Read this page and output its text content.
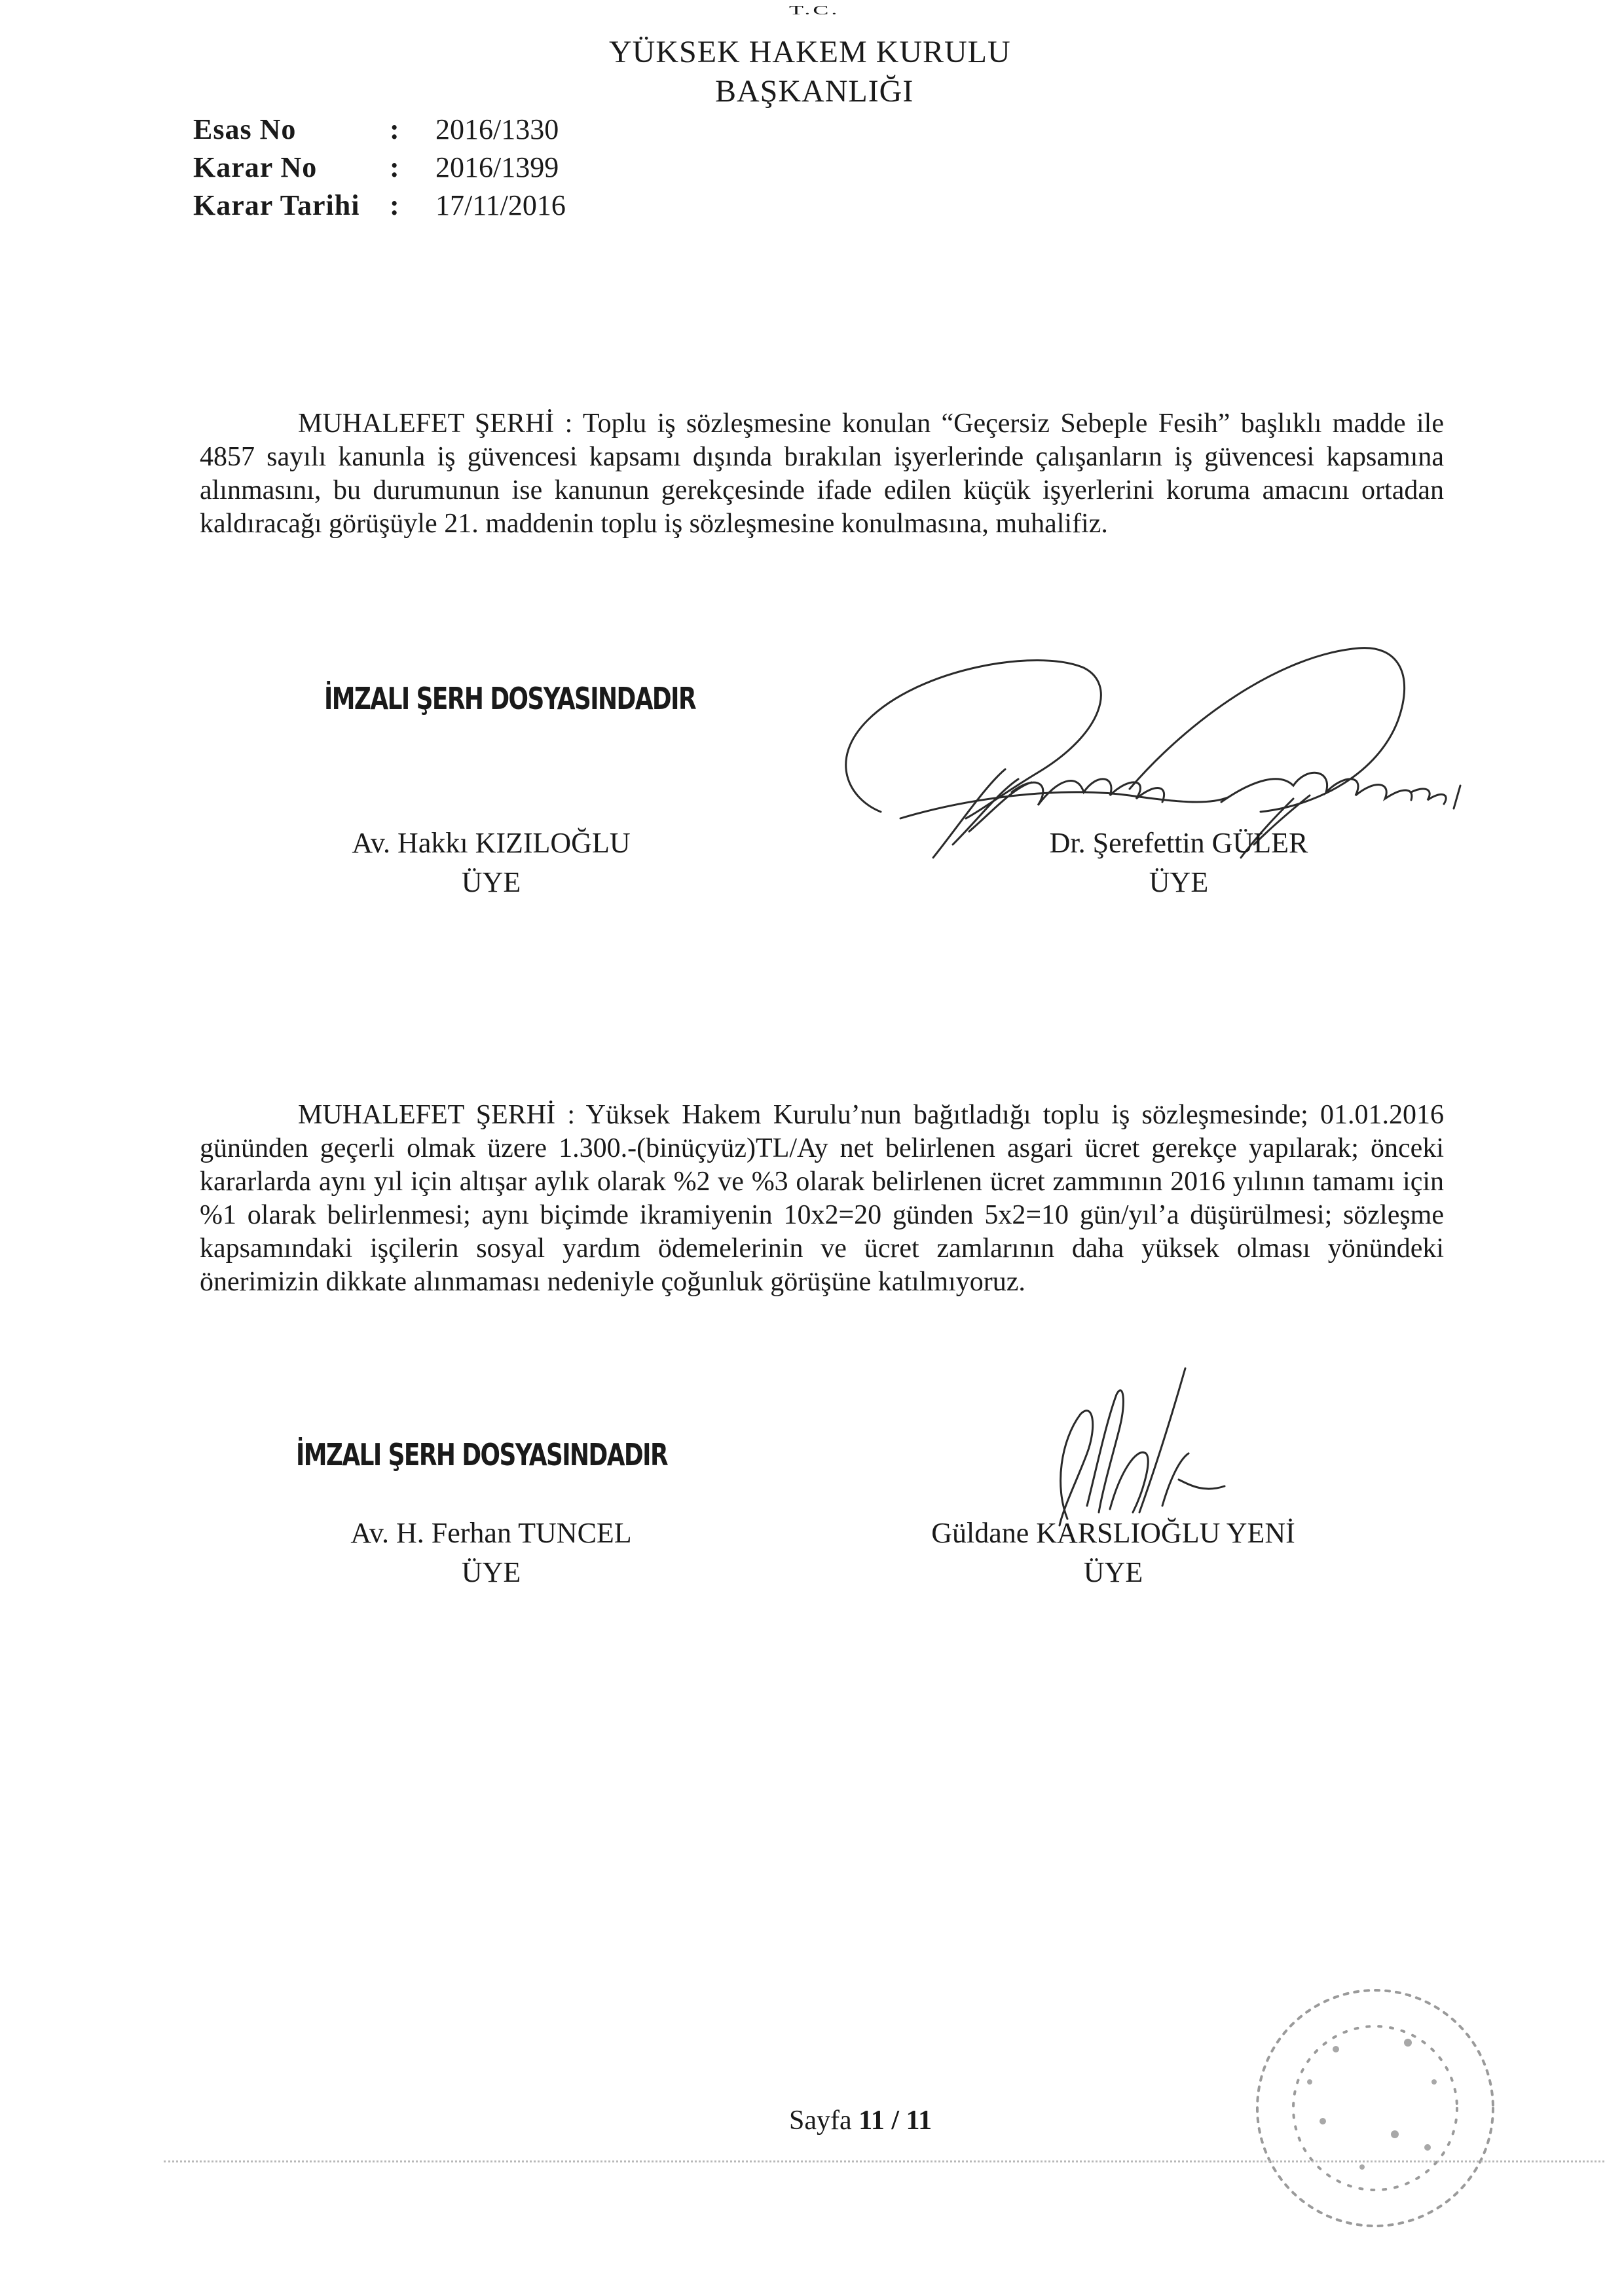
T.C.
YÜKSEK HAKEM KURULU
BAŞKANLIĞI
Esas No	: 2016/1330
Karar No	: 2016/1399
Karar Tarihi : 17/11/2016
MUHALEFET ŞERHİ : Toplu iş sözleşmesine konulan “Geçersiz Sebeple Fesih” başlıklı madde ile 4857 sayılı kanunla iş güvencesi kapsamı dışında bırakılan işyerlerinde çalışanların iş güvencesi kapsamına alınmasını, bu durumunun ise kanunun gerekçesinde ifade edilen küçük işyerlerini koruma amacını ortadan kaldıracağı görüşüyle 21. maddenin toplu iş sözleşmesine konulmasına, muhalifiz.
İMZALI ŞERH DOSYASINDADIR
Av. Hakkı KIZILOĞLU
ÜYE
Dr. Şerefettin GÜLER
ÜYE
MUHALEFET ŞERHİ : Yüksek Hakem Kurulu’nun bağıtladığı toplu iş sözleşmesinde; 01.01.2016 gününden geçerli olmak üzere 1.300.-(binüçyüz)TL/Ay net belirlenen asgari ücret gerekçe yapılarak; önceki kararlarda aynı yıl için altışar aylık olarak %2 ve %3 olarak belirlenen ücret zammının 2016 yılının tamamı için %1 olarak belirlenmesi; aynı biçimde ikramiyenin 10x2=20 günden 5x2=10 gün/yıl’a düşürülmesi; sözleşme kapsamındaki işçilerin sosyal yardım ödemelerinin ve ücret zamlarının daha yüksek olması yönündeki önerimizin dikkate alınmaması nedeniyle çoğunluk görüşüne katılmıyoruz.
İMZALI ŞERH DOSYASINDADIR
Av. H. Ferhan TUNCEL
ÜYE
Güldane KARSLIOĞLU YENİ
ÜYE
Sayfa 11 / 11
